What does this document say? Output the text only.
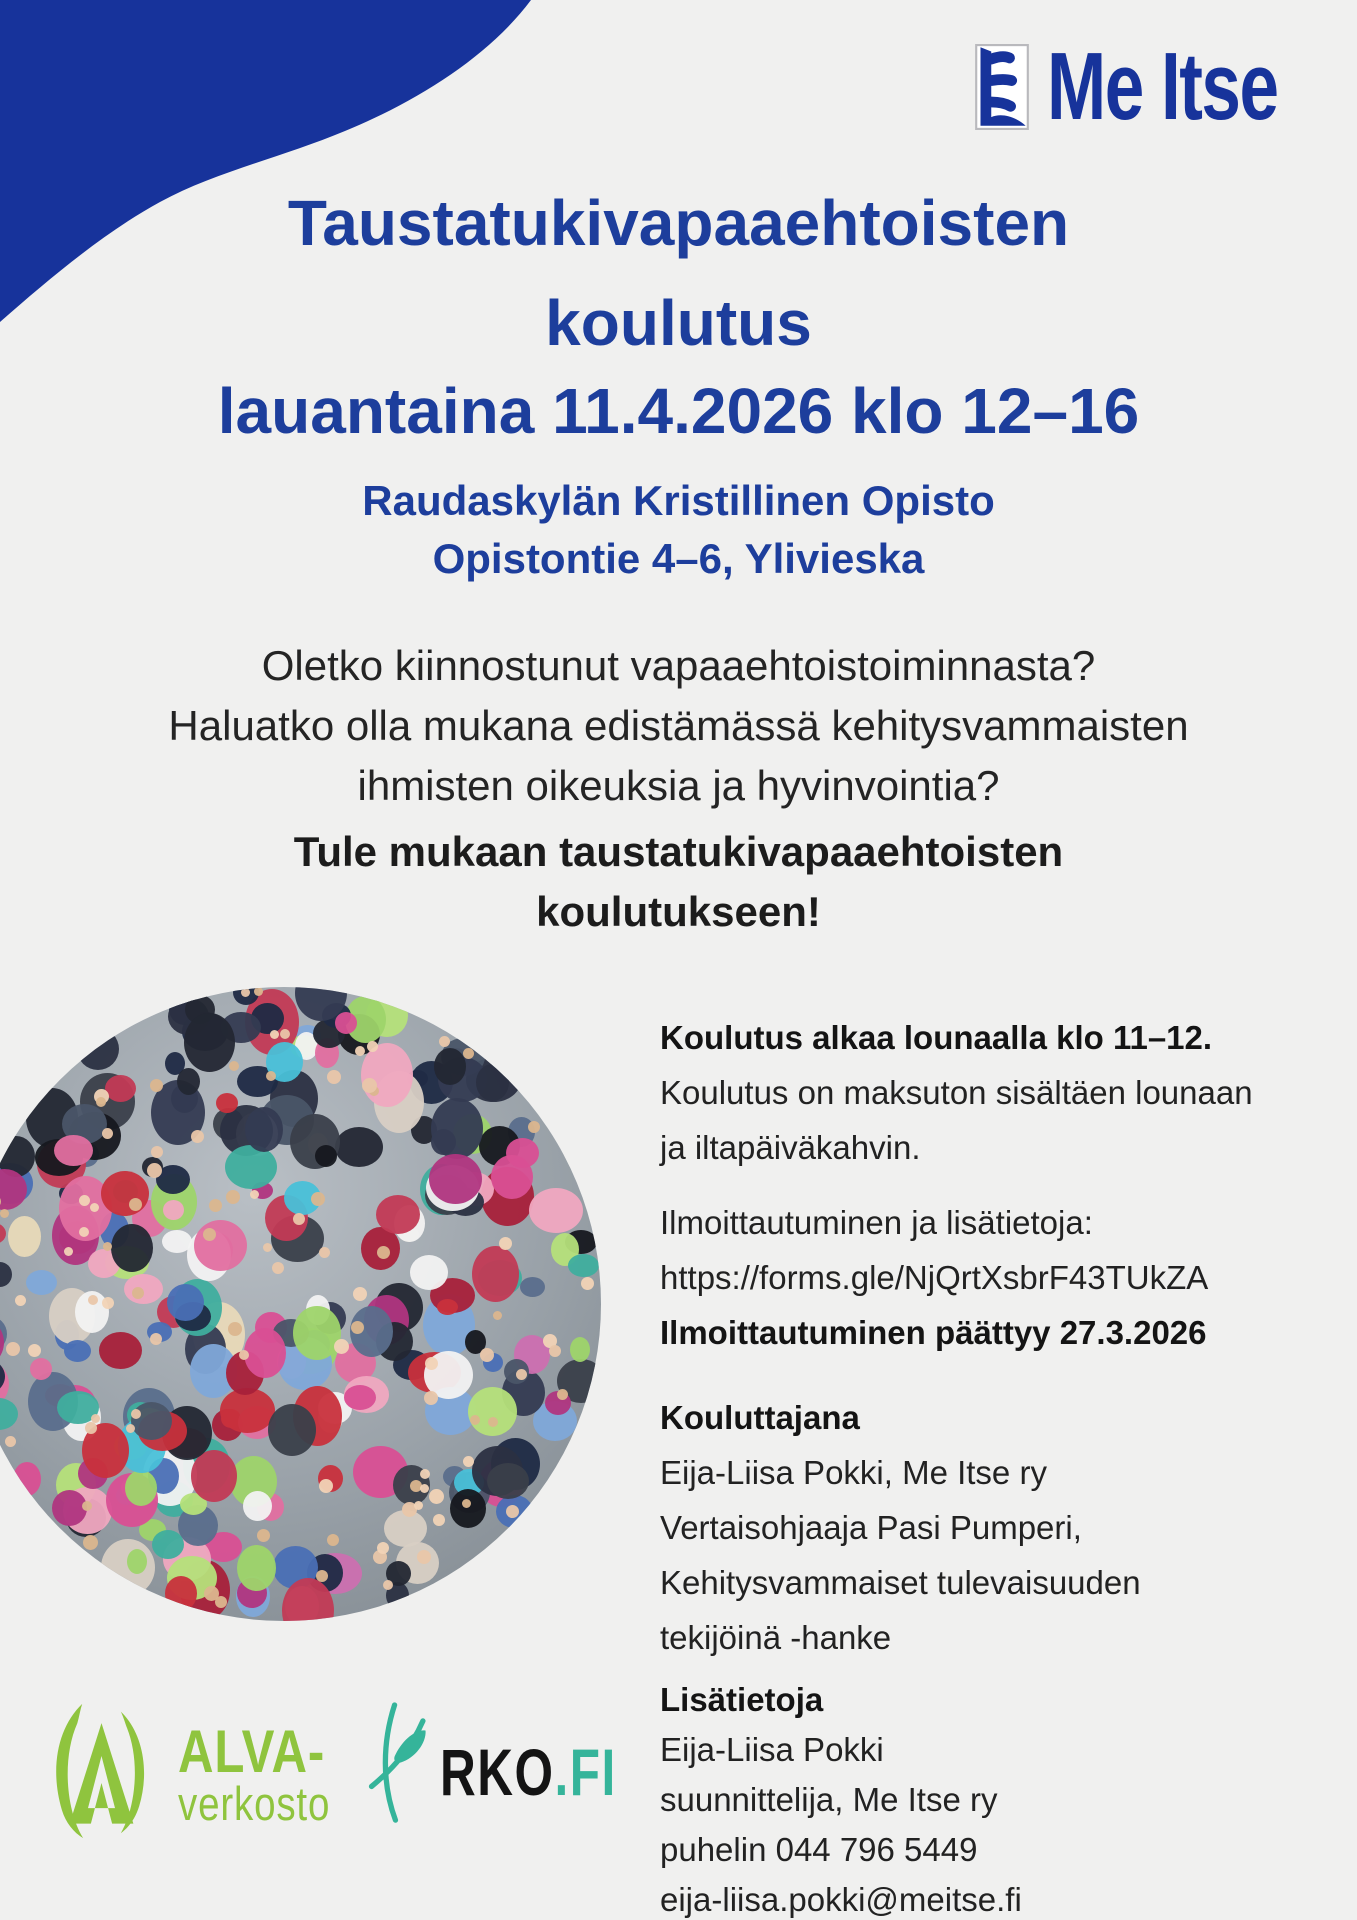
Me Itse
Taustatukivapaaehtoisten
koulutus
lauantaina 11.4.2026 klo 12–16
Raudaskylän Kristillinen Opisto
Opistontie 4–6, Ylivieska
Oletko kiinnostunut vapaaehtoistoiminnasta?
Haluatko olla mukana edistämässä kehitysvammaisten
ihmisten oikeuksia ja hyvinvointia?
Tule mukaan taustatukivapaaehtoisten
koulutukseen!
Koulutus alkaa lounaalla klo 11–12.
Koulutus on maksuton sisältäen lounaan
ja iltapäiväkahvin.
Ilmoittautuminen ja lisätietoja:
https://forms.gle/NjQrtXsbrF43TUkZA
Ilmoittautuminen päättyy 27.3.2026
Kouluttajana
Eija-Liisa Pokki, Me Itse ry
Vertaisohjaaja Pasi Pumperi,
Kehitysvammaiset tulevaisuuden
tekijöinä -hanke
Lisätietoja
Eija-Liisa Pokki
suunnittelija, Me Itse ry
puhelin 044 796 5449
eija-liisa.pokki@meitse.fi
ALVA-
verkosto RKO .FI
